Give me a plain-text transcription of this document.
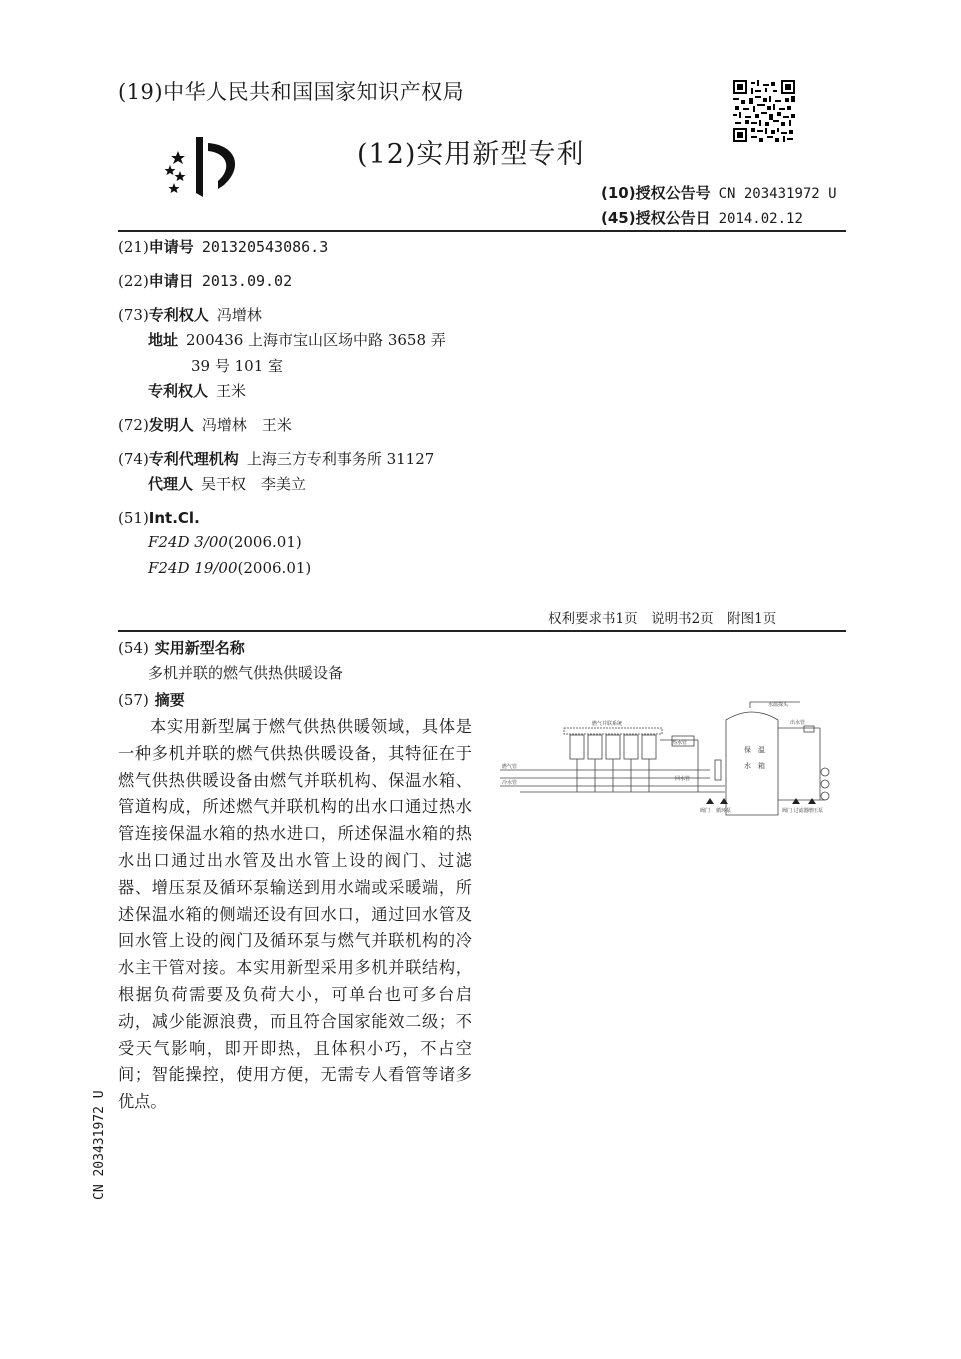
(19)中华人民共和国国家知识产权局
(12)实用新型专利
(10)授权公告号 CN 203431972 U
(45)授权公告日 2014.02.12
(21)申请号 201320543086.3
(22)申请日 2013.09.02
(73)专利权人 冯增林
地址 200436 上海市宝山区场中路 3658 弄
39 号 101 室
专利权人 王米
(72)发明人 冯增林　王米
(74)专利代理机构 上海三方专利事务所 31127
代理人 吴干权　李美立
(51)Int.Cl.
F24D 3/00(2006.01)
F24D 19/00(2006.01)
权利要求书1页　说明书2页　附图1页
(54) 实用新型名称
多机并联的燃气供热供暖设备
(57) 摘要
本实用新型属于燃气供热供暖领域，具体是一种多机并联的燃气供热供暖设备，其特征在于燃气供热供暖设备由燃气并联机构、保温水箱、管道构成，所述燃气并联机构的出水口通过热水管连接保温水箱的热水进口，所述保温水箱的热水出口通过出水管及出水管上设的阀门、过滤器、增压泵及循环泵输送到用水端或采暖端，所述保温水箱的侧端还设有回水口，通过回水管及回水管上设的阀门及循环泵与燃气并联机构的冷水主干管对接。本实用新型采用多机并联结构，根据负荷需要及负荷大小，可单台也可多台启动，减少能源浪费，而且符合国家能效二级；不受天气影响，即开即热，且体积小巧，不占空间；智能操控，使用方便，无需专人看管等诸多优点。
燃气并联系统
保　温
水　箱
燃气管
冷水管
回水管
热水管
阀门 循环泵
水温探头
出水管
阀门 过滤器 增压泵
CN 203431972 U
